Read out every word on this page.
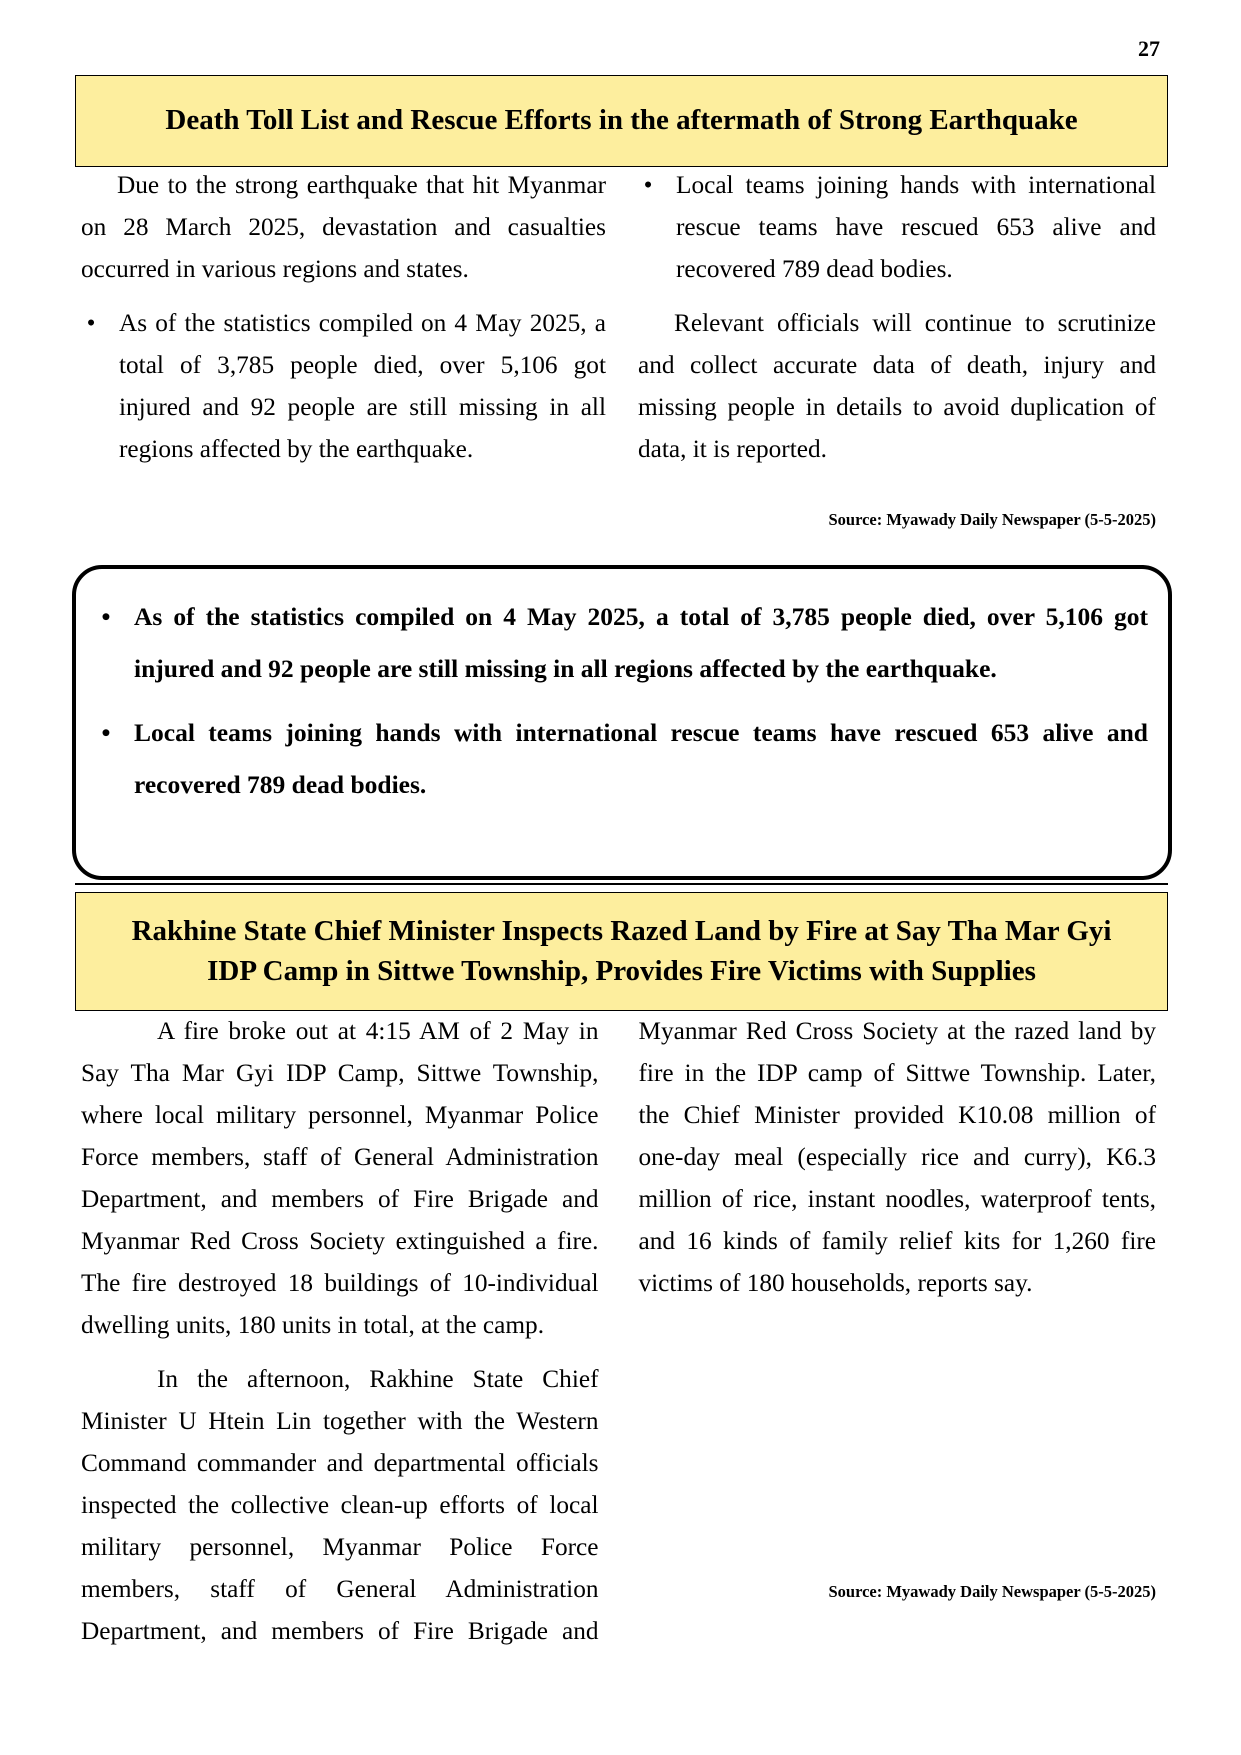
27
Death Toll List and Rescue Efforts in the aftermath of Strong Earthquake

Due to the strong earthquake that hit Myanmar on 28 March 2025, devastation and casualties occurred in various regions and states.

• As of the statistics compiled on 4 May 2025, a total of 3,785 people died, over 5,106 got injured and 92 people are still missing in all regions affected by the earthquake.
• Local teams joining hands with international rescue teams have rescued 653 alive and recovered 789 dead bodies.

Relevant officials will continue to scrutinize and collect accurate data of death, injury and missing people in details to avoid duplication of data, it is reported.

Source: Myawady Daily Newspaper (5-5-2025)
• As of the statistics compiled on 4 May 2025, a total of 3,785 people died, over 5,106 got injured and 92 people are still missing in all regions affected by the earthquake.
• Local teams joining hands with international rescue teams have rescued 653 alive and recovered 789 dead bodies.
Rakhine State Chief Minister Inspects Razed Land by Fire at Say Tha Mar Gyi
IDP Camp in Sittwe Township, Provides Fire Victims with Supplies

A fire broke out at 4:15 AM of 2 May in Say Tha Mar Gyi IDP Camp, Sittwe Township, where local military personnel, Myanmar Police Force members, staff of General Administration Department, and members of Fire Brigade and Myanmar Red Cross Society extinguished a fire. The fire destroyed 18 buildings of 10-individual dwelling units, 180 units in total, at the camp.

In the afternoon, Rakhine State Chief Minister U Htein Lin together with the Western Command commander and departmental officials inspected the collective clean-up efforts of local military personnel, Myanmar Police Force members, staff of General Administration Department, and members of Fire Brigade and Myanmar Red Cross Society at the razed land by fire in the IDP camp of Sittwe Township. Later, the Chief Minister provided K10.08 million of one-day meal (especially rice and curry), K6.3 million of rice, instant noodles, waterproof tents, and 16 kinds of family relief kits for 1,260 fire victims of 180 households, reports say.

Source: Myawady Daily Newspaper (5-5-2025)
